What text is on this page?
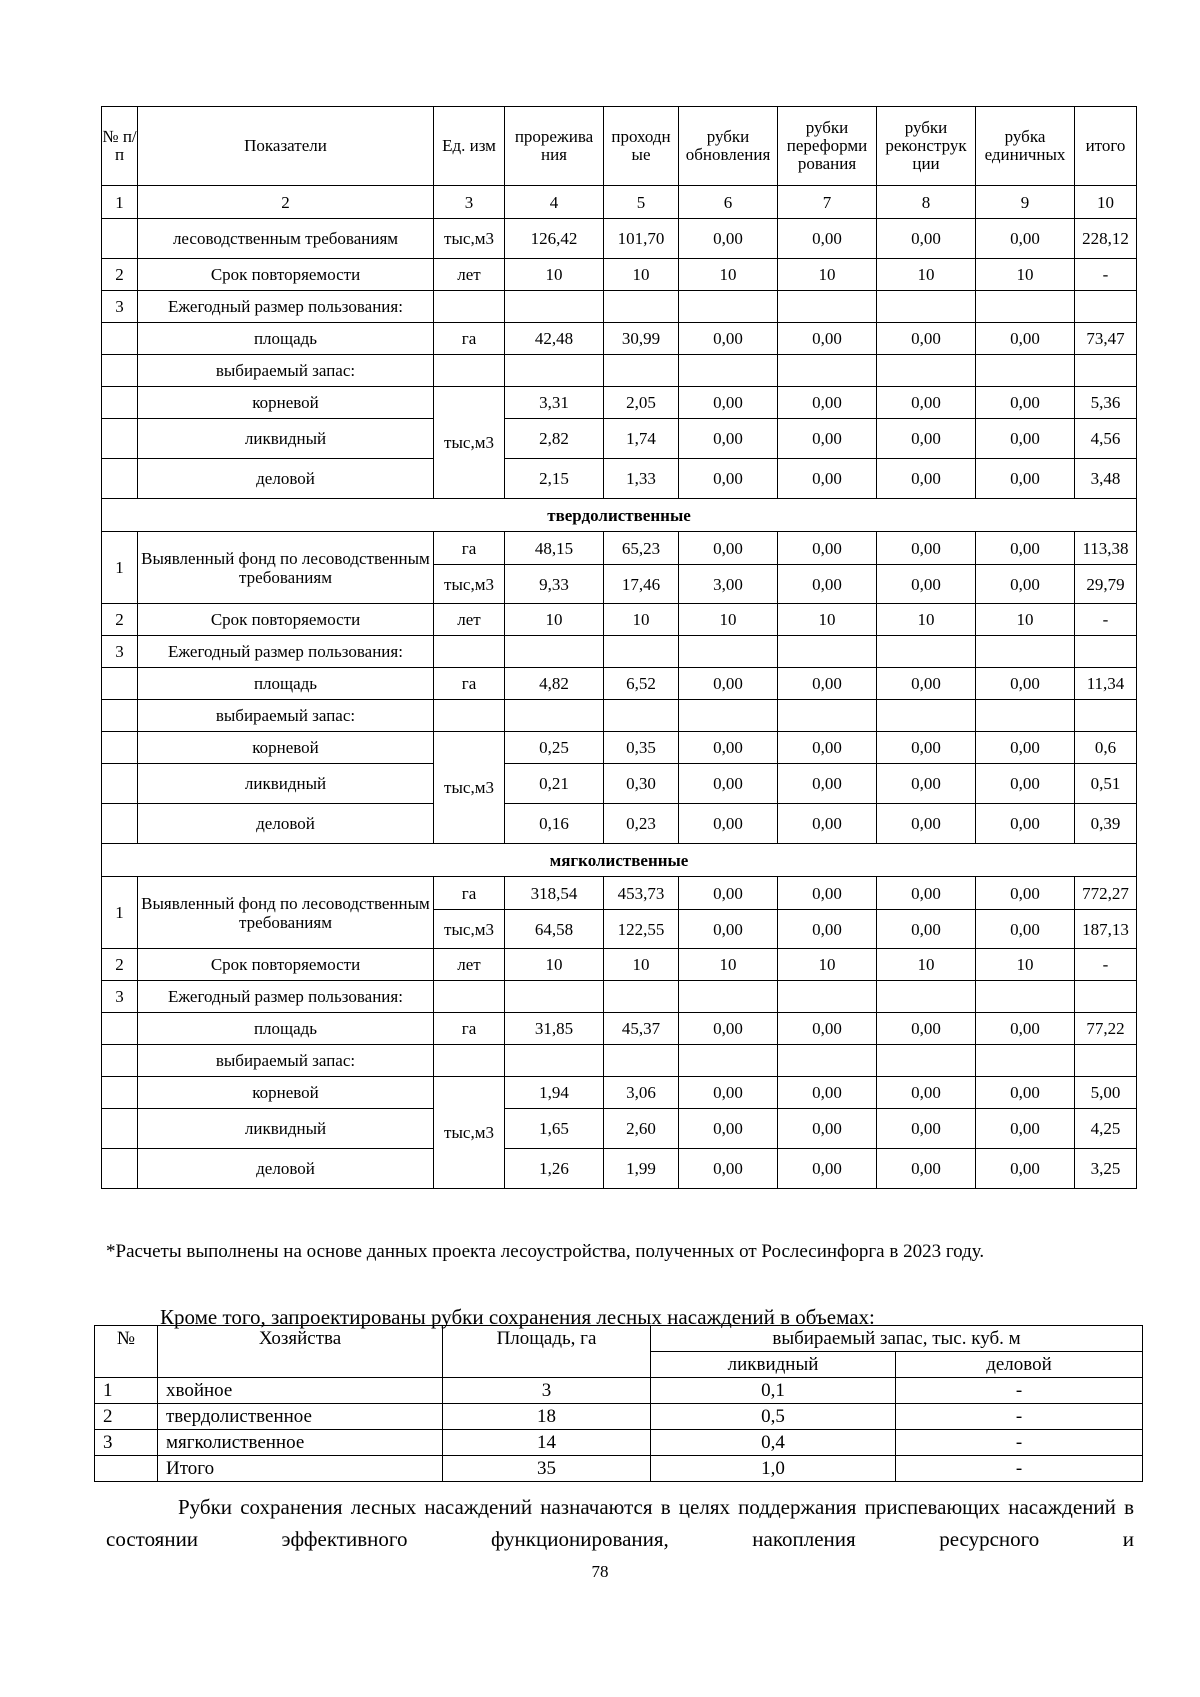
№ п/п	Показатели	Ед. изм	прорежива ния	проходн ые	рубки обновления	рубки переформи рования	рубки реконструк ции	рубка единичных	итого
1	2	3	4	5	6	7	8	9	10
	лесоводственным требованиям	тыс,м3	126,42	101,70	0,00	0,00	0,00	0,00	228,12
2	Срок повторяемости	лет	10	10	10	10	10	10	-
3	Ежегодный размер пользования:								
	площадь	га	42,48	30,99	0,00	0,00	0,00	0,00	73,47
	выбираемый запас:								
	корневой	тыс,м3	3,31	2,05	0,00	0,00	0,00	0,00	5,36
	ликвидный		2,82	1,74	0,00	0,00	0,00	0,00	4,56
	деловой		2,15	1,33	0,00	0,00	0,00	0,00	3,48
твердолиственные									
1	Выявленный фонд по лесоводственным требованиям	га	48,15	65,23	0,00	0,00	0,00	0,00	113,38
		тыс,м3	9,33	17,46	3,00	0,00	0,00	0,00	29,79
2	Срок повторяемости	лет	10	10	10	10	10	10	-
3	Ежегодный размер пользования:								
	площадь	га	4,82	6,52	0,00	0,00	0,00	0,00	11,34
	выбираемый запас:								
	корневой	тыс,м3	0,25	0,35	0,00	0,00	0,00	0,00	0,6
	ликвидный		0,21	0,30	0,00	0,00	0,00	0,00	0,51
	деловой		0,16	0,23	0,00	0,00	0,00	0,00	0,39
мягколиственные									
1	Выявленный фонд по лесоводственным требованиям	га	318,54	453,73	0,00	0,00	0,00	0,00	772,27
		тыс,м3	64,58	122,55	0,00	0,00	0,00	0,00	187,13
2	Срок повторяемости	лет	10	10	10	10	10	10	-
3	Ежегодный размер пользования:								
	площадь	га	31,85	45,37	0,00	0,00	0,00	0,00	77,22
	выбираемый запас:								
	корневой	тыс,м3	1,94	3,06	0,00	0,00	0,00	0,00	5,00
	ликвидный		1,65	2,60	0,00	0,00	0,00	0,00	4,25
	деловой		1,26	1,99	0,00	0,00	0,00	0,00	3,25
*Расчеты выполнены на основе данных проекта лесоустройства, полученных от Рослесинфорга в 2023 году.
Кроме того, запроектированы рубки сохранения лесных насаждений в объемах:
№	Хозяйства	Площадь, га	выбираемый запас, тыс. куб. м	
			ликвидный	деловой
1	хвойное	3	0,1	-
2	твердолиственное	18	0,5	-
3	мягколиственное	14	0,4	-
	Итого	35	1,0	-
Рубки сохранения лесных насаждений назначаются в целях поддержания приспевающих насаждений в состоянии эффективного функционирования, накопления ресурсного и
78
